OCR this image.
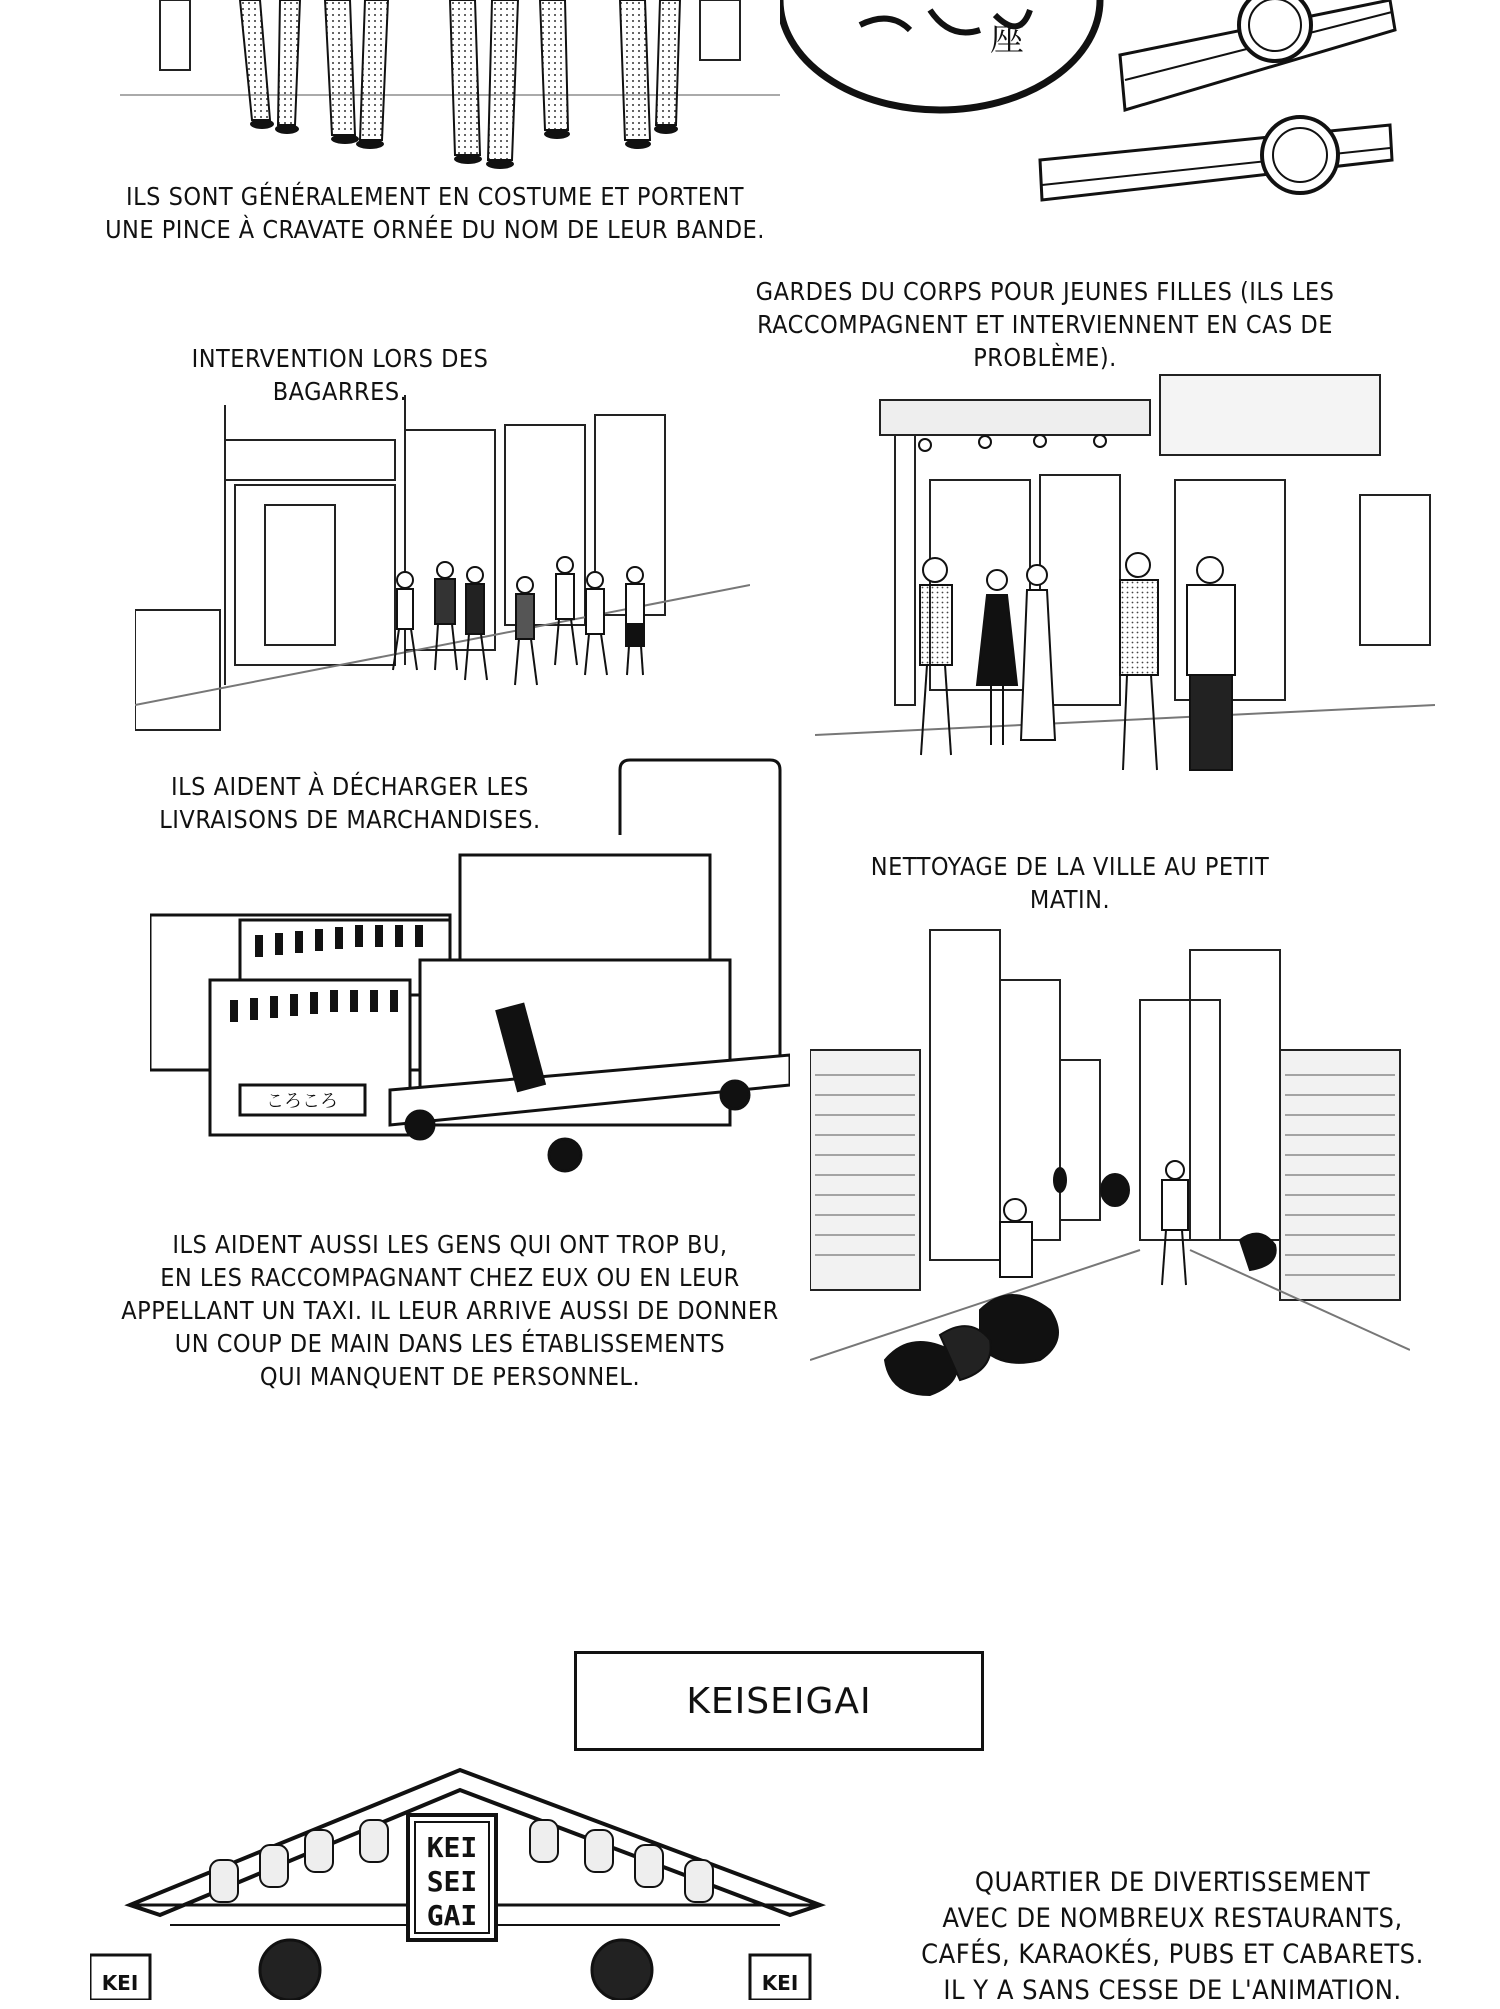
座
ILS SONT GÉNÉRALEMENT EN COSTUME ET PORTENT
UNE PINCE À CRAVATE ORNÉE DU NOM DE LEUR BANDE.
GARDES DU CORPS POUR JEUNES FILLES (ILS LES
RACCOMPAGNENT ET INTERVIENNENT EN CAS DE PROBLÈME).
INTERVENTION LORS DES BAGARRES.
ILS AIDENT À DÉCHARGER LES
LIVRAISONS DE MARCHANDISES.
ころころ
NETTOYAGE DE LA VILLE AU PETIT MATIN.
ILS AIDENT AUSSI LES GENS QUI ONT TROP BU,
EN LES RACCOMPAGNANT CHEZ EUX OU EN LEUR
APPELLANT UN TAXI. IL LEUR ARRIVE AUSSI DE DONNER
UN COUP DE MAIN DANS LES ÉTABLISSEMENTS
QUI MANQUENT DE PERSONNEL.
KEISEIGAI
KEI	KEI
KEI
SEI
GAI
QUARTIER DE DIVERTISSEMENT
AVEC DE NOMBREUX RESTAURANTS,
CAFÉS, KARAOKÉS, PUBS ET CABARETS.
IL Y A SANS CESSE DE L'ANIMATION.
